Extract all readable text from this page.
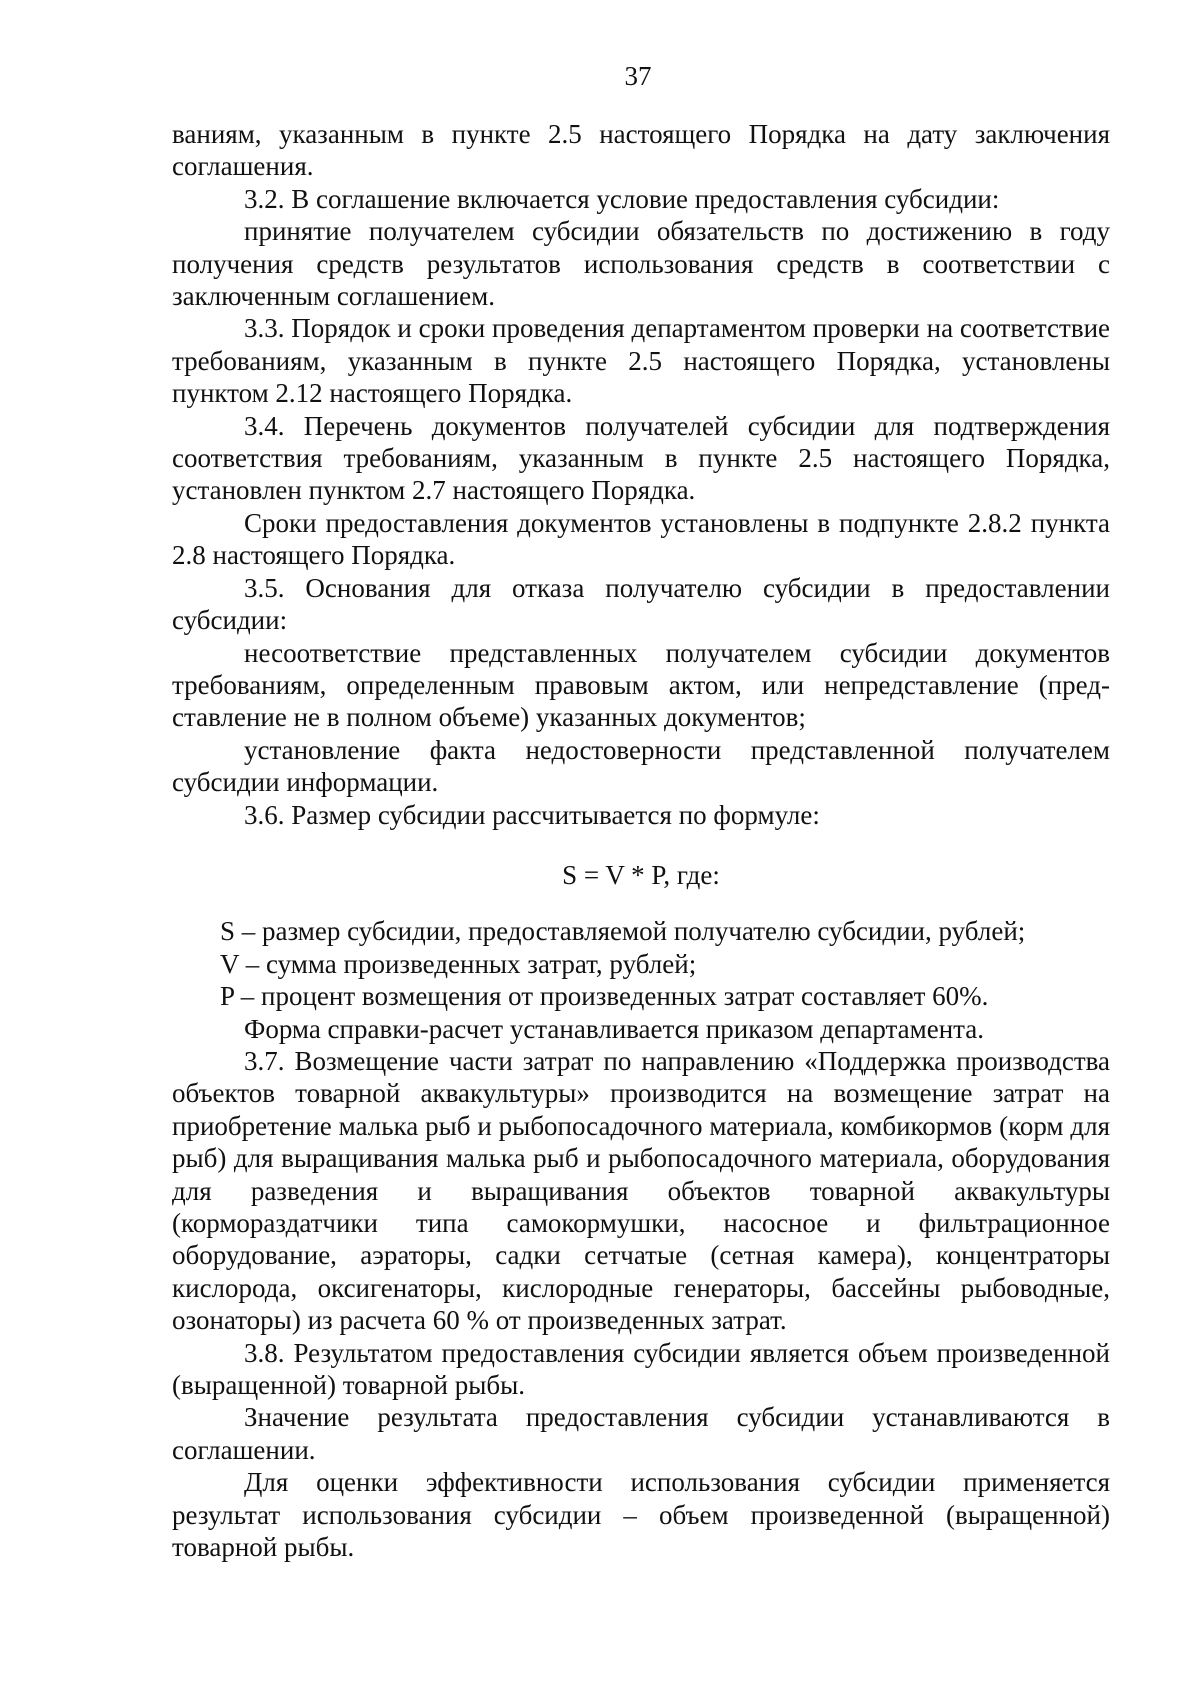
37

ваниям, указанным в пункте 2.5 настоящего Порядка на дату заключения соглашения.

3.2. В соглашение включается условие предоставления субсидии:

принятие получателем субсидии обязательств по достижению в году получения средств результатов использования средств в соответствии с заключенным соглашением.

3.3. Порядок и сроки проведения департаментом проверки на соответствие требованиям, указанным в пункте 2.5 настоящего Порядка, установлены пунктом 2.12 настоящего Порядка.

3.4. Перечень документов получателей субсидии для подтверждения соответствия требованиям, указанным в пункте 2.5 настоящего Порядка, установлен пунктом 2.7 настоящего Порядка.

Сроки предоставления документов установлены в подпункте 2.8.2 пункта 2.8 настоящего Порядка.

3.5. Основания для отказа получателю субсидии в предоставлении субсидии:

несоответствие представленных получателем субсидии документов требованиям, определенным правовым актом, или непредставление (представление не в полном объеме) указанных документов;

установление факта недостоверности представленной получателем субсидии информации.

3.6. Размер субсидии рассчитывается по формуле:

S = V * P, где:

S – размер субсидии, предоставляемой получателю субсидии, рублей;

V – сумма произведенных затрат, рублей;

P – процент возмещения от произведенных затрат составляет 60%.

Форма справки-расчет устанавливается приказом департамента.

3.7. Возмещение части затрат по направлению «Поддержка производства объектов товарной аквакультуры» производится на возмещение затрат на приобретение малька рыб и рыбопосадочного материала, комбикормов (корм для рыб) для выращивания малька рыб и рыбопосадочного материала, оборудования для разведения и выращивания объектов товарной аквакультуры (кормораздатчики типа самокормушки, насосное и фильтрационное оборудование, аэраторы, садки сетчатые (сетная камера), концентраторы кислорода, оксигенаторы, кислородные генераторы, бассейны рыбоводные, озонаторы) из расчета 60 % от произведенных затрат.

3.8. Результатом предоставления субсидии является объем произведенной (выращенной) товарной рыбы.

Значение результата предоставления субсидии устанавливаются в соглашении.

Для оценки эффективности использования субсидии применяется результат использования субсидии – объем произведенной (выращенной) товарной рыбы.
